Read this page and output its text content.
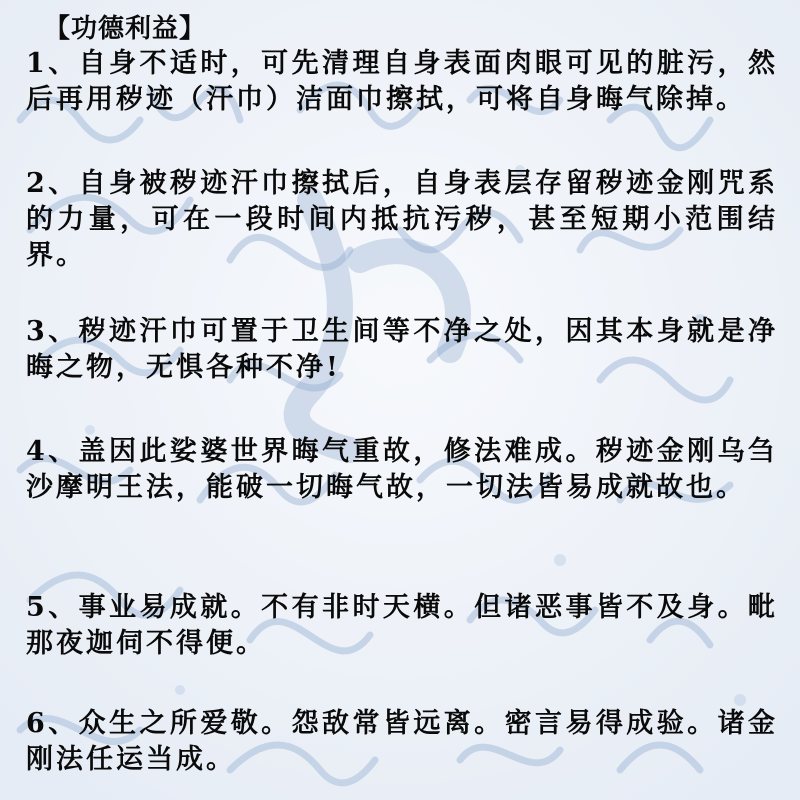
【功德利益】

1、自身不适时，可先清理自身表面肉眼可见的脏污，然后再用秽迹（汗巾）洁面巾擦拭，可将自身晦气除掉。

2、自身被秽迹汗巾擦拭后，自身表层存留秽迹金刚咒系的力量，可在一段时间内抵抗污秽，甚至短期小范围结界。

3、秽迹汗巾可置于卫生间等不净之处，因其本身就是净晦之物，无惧各种不净!

4、盖因此娑婆世界晦气重故，修法难成。秽迹金刚乌刍沙摩明王法，能破一切晦气故，一切法皆易成就故也。

5、事业易成就。不有非时天横。但诸恶事皆不及身。毗那夜迦伺不得便。

6、众生之所爱敬。怨敌常皆远离。密言易得成验。诸金刚法任运当成。
